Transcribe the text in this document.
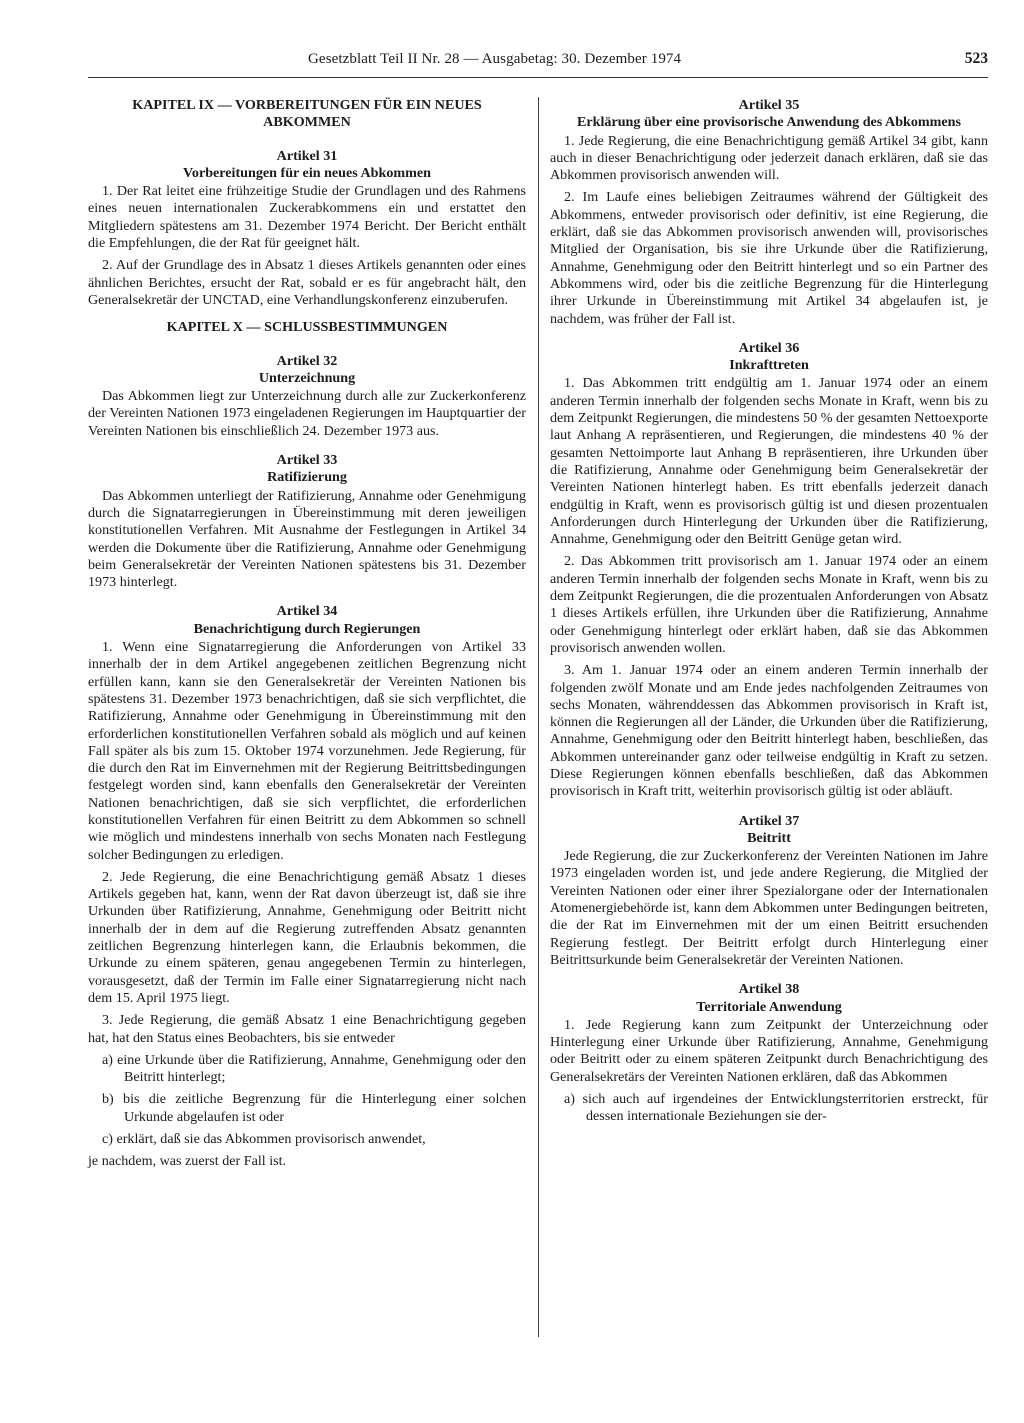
Gesetzblatt Teil II Nr. 28 — Ausgabetag: 30. Dezember 1974	523
KAPITEL IX — VORBEREITUNGEN FÜR EIN NEUES ABKOMMEN
Artikel 31
Vorbereitungen für ein neues Abkommen

1. Der Rat leitet eine frühzeitige Studie der Grundlagen und des Rahmens eines neuen internationalen Zuckerabkommens ein und erstattet den Mitgliedern spätestens am 31. Dezember 1974 Bericht. Der Bericht enthält die Empfehlungen, die der Rat für geeignet hält.

2. Auf der Grundlage des in Absatz 1 dieses Artikels genannten oder eines ähnlichen Berichtes, ersucht der Rat, sobald er es für angebracht hält, den Generalsekretär der UNCTAD, eine Verhandlungskonferenz einzuberufen.

KAPITEL X — SCHLUSSBESTIMMUNGEN
Artikel 32
Unterzeichnung

Das Abkommen liegt zur Unterzeichnung durch alle zur Zuckerkonferenz der Vereinten Nationen 1973 eingeladenen Regierungen im Hauptquartier der Vereinten Nationen bis einschließlich 24. Dezember 1973 aus.

Artikel 33
Ratifizierung

Das Abkommen unterliegt der Ratifizierung, Annahme oder Genehmigung durch die Signatarregierungen in Übereinstimmung mit deren jeweiligen konstitutionellen Verfahren. Mit Ausnahme der Festlegungen in Artikel 34 werden die Dokumente über die Ratifizierung, Annahme oder Genehmigung beim Generalsekretär der Vereinten Nationen spätestens bis 31. Dezember 1973 hinterlegt.

Artikel 34
Benachrichtigung durch Regierungen

1. Wenn eine Signatarregierung die Anforderungen von Artikel 33 innerhalb der in dem Artikel angegebenen zeitlichen Begrenzung nicht erfüllen kann, kann sie den Generalsekretär der Vereinten Nationen bis spätestens 31. Dezember 1973 benachrichtigen, daß sie sich verpflichtet, die Ratifizierung, Annahme oder Genehmigung in Übereinstimmung mit den erforderlichen konstitutionellen Verfahren sobald als möglich und auf keinen Fall später als bis zum 15. Oktober 1974 vorzunehmen. Jede Regierung, für die durch den Rat im Einvernehmen mit der Regierung Beitrittsbedingungen festgelegt worden sind, kann ebenfalls den Generalsekretär der Vereinten Nationen benachrichtigen, daß sie sich verpflichtet, die erforderlichen konstitutionellen Verfahren für einen Beitritt zu dem Abkommen so schnell wie möglich und mindestens innerhalb von sechs Monaten nach Festlegung solcher Bedingungen zu erledigen.

2. Jede Regierung, die eine Benachrichtigung gemäß Absatz 1 dieses Artikels gegeben hat, kann, wenn der Rat davon überzeugt ist, daß sie ihre Urkunden über Ratifizierung, Annahme, Genehmigung oder Beitritt nicht innerhalb der in dem auf die Regierung zutreffenden Absatz genannten zeitlichen Begrenzung hinterlegen kann, die Erlaubnis bekommen, die Urkunde zu einem späteren, genau angegebenen Termin zu hinterlegen, vorausgesetzt, daß der Termin im Falle einer Signatarregierung nicht nach dem 15. April 1975 liegt.

3. Jede Regierung, die gemäß Absatz 1 eine Benachrichtigung gegeben hat, hat den Status eines Beobachters, bis sie entweder

a) eine Urkunde über die Ratifizierung, Annahme, Genehmigung oder den Beitritt hinterlegt;

b) bis die zeitliche Begrenzung für die Hinterlegung einer solchen Urkunde abgelaufen ist oder

c) erklärt, daß sie das Abkommen provisorisch anwendet,

je nachdem, was zuerst der Fall ist.

Artikel 35
Erklärung über eine provisorische Anwendung des Abkommens

1. Jede Regierung, die eine Benachrichtigung gemäß Artikel 34 gibt, kann auch in dieser Benachrichtigung oder jederzeit danach erklären, daß sie das Abkommen provisorisch anwenden will.

2. Im Laufe eines beliebigen Zeitraumes während der Gültigkeit des Abkommens, entweder provisorisch oder definitiv, ist eine Regierung, die erklärt, daß sie das Abkommen provisorisch anwenden will, provisorisches Mitglied der Organisation, bis sie ihre Urkunde über die Ratifizierung, Annahme, Genehmigung oder den Beitritt hinterlegt und so ein Partner des Abkommens wird, oder bis die zeitliche Begrenzung für die Hinterlegung ihrer Urkunde in Übereinstimmung mit Artikel 34 abgelaufen ist, je nachdem, was früher der Fall ist.

Artikel 36
Inkrafttreten

1. Das Abkommen tritt endgültig am 1. Januar 1974 oder an einem anderen Termin innerhalb der folgenden sechs Monate in Kraft, wenn bis zu dem Zeitpunkt Regierungen, die mindestens 50 % der gesamten Nettoexporte laut Anhang A repräsentieren, und Regierungen, die mindestens 40 % der gesamten Nettoimporte laut Anhang B repräsentieren, ihre Urkunden über die Ratifizierung, Annahme oder Genehmigung beim Generalsekretär der Vereinten Nationen hinterlegt haben. Es tritt ebenfalls jederzeit danach endgültig in Kraft, wenn es provisorisch gültig ist und diesen prozentualen Anforderungen durch Hinterlegung der Urkunden über die Ratifizierung, Annahme, Genehmigung oder den Beitritt Genüge getan wird.

2. Das Abkommen tritt provisorisch am 1. Januar 1974 oder an einem anderen Termin innerhalb der folgenden sechs Monate in Kraft, wenn bis zu dem Zeitpunkt Regierungen, die die prozentualen Anforderungen von Absatz 1 dieses Artikels erfüllen, ihre Urkunden über die Ratifizierung, Annahme oder Genehmigung hinterlegt oder erklärt haben, daß sie das Abkommen provisorisch anwenden wollen.

3. Am 1. Januar 1974 oder an einem anderen Termin innerhalb der folgenden zwölf Monate und am Ende jedes nachfolgenden Zeitraumes von sechs Monaten, währenddessen das Abkommen provisorisch in Kraft ist, können die Regierungen all der Länder, die Urkunden über die Ratifizierung, Annahme, Genehmigung oder den Beitritt hinterlegt haben, beschließen, das Abkommen untereinander ganz oder teilweise endgültig in Kraft zu setzen. Diese Regierungen können ebenfalls beschließen, daß das Abkommen provisorisch in Kraft tritt, weiterhin provisorisch gültig ist oder abläuft.

Artikel 37
Beitritt

Jede Regierung, die zur Zuckerkonferenz der Vereinten Nationen im Jahre 1973 eingeladen worden ist, und jede andere Regierung, die Mitglied der Vereinten Nationen oder einer ihrer Spezialorgane oder der Internationalen Atomenergiebehörde ist, kann dem Abkommen unter Bedingungen beitreten, die der Rat im Einvernehmen mit der um einen Beitritt ersuchenden Regierung festlegt. Der Beitritt erfolgt durch Hinterlegung einer Beitrittsurkunde beim Generalsekretär der Vereinten Nationen.

Artikel 38
Territoriale Anwendung

1. Jede Regierung kann zum Zeitpunkt der Unterzeichnung oder Hinterlegung einer Urkunde über Ratifizierung, Annahme, Genehmigung oder Beitritt oder zu einem späteren Zeitpunkt durch Benachrichtigung des Generalsekretärs der Vereinten Nationen erklären, daß das Abkommen

a) sich auch auf irgendeines der Entwicklungsterritorien erstreckt, für dessen internationale Beziehungen sie der-
